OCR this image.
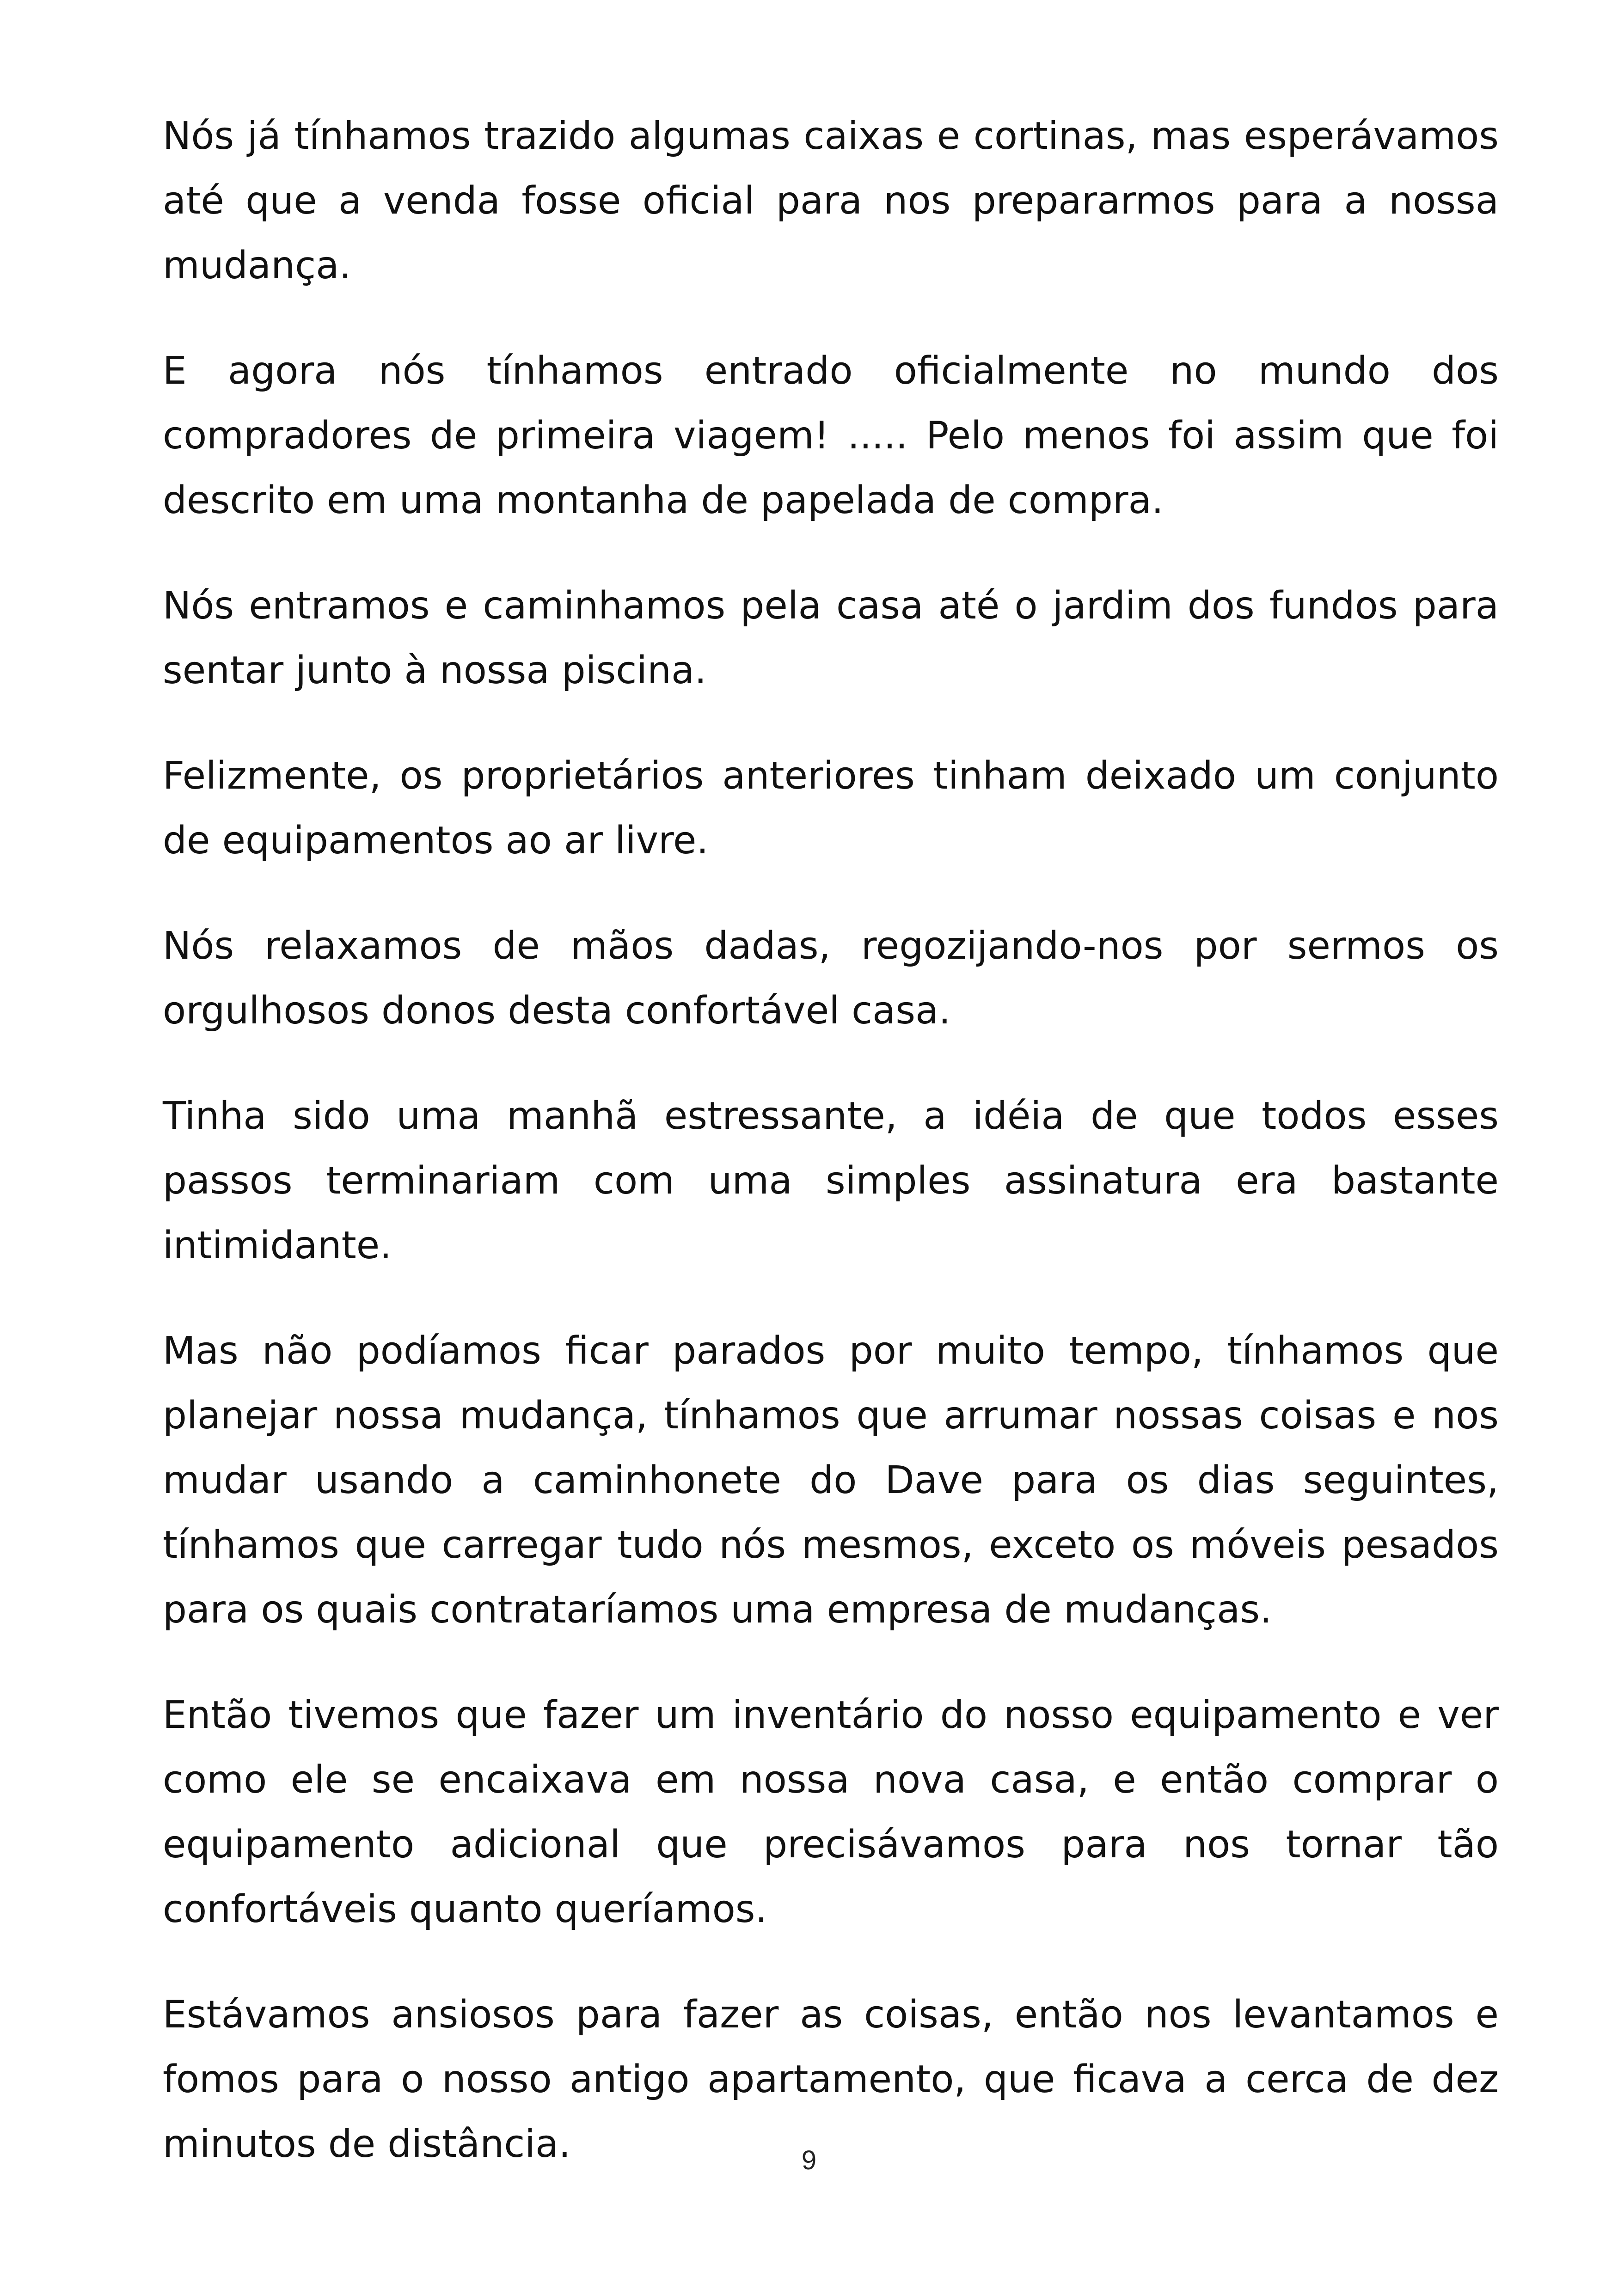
Nós já tínhamos trazido algumas caixas e cortinas, mas esperávamos até que a venda fosse oficial para nos prepararmos para a nossa mudança.

E agora nós tínhamos entrado oficialmente no mundo dos compradores de primeira viagem! ..... Pelo menos foi assim que foi descrito em uma montanha de papelada de compra.

Nós entramos e caminhamos pela casa até o jardim dos fundos para sentar junto à nossa piscina.

Felizmente, os proprietários anteriores tinham deixado um conjunto de equipamentos ao ar livre.

Nós relaxamos de mãos dadas, regozijando-nos por sermos os orgulhosos donos desta confortável casa.

Tinha sido uma manhã estressante, a idéia de que todos esses passos terminariam com uma simples assinatura era bastante intimidante.

Mas não podíamos ficar parados por muito tempo, tínhamos que planejar nossa mudança, tínhamos que arrumar nossas coisas e nos mudar usando a caminhonete do Dave para os dias seguintes, tínhamos que carregar tudo nós mesmos, exceto os móveis pesados para os quais contrataríamos uma empresa de mudanças.

Então tivemos que fazer um inventário do nosso equipamento e ver como ele se encaixava em nossa nova casa, e então comprar o equipamento adicional que precisávamos para nos tornar tão confortáveis quanto queríamos.

Estávamos ansiosos para fazer as coisas, então nos levantamos e fomos para o nosso antigo apartamento, que ficava a cerca de dez minutos de distância.	9
